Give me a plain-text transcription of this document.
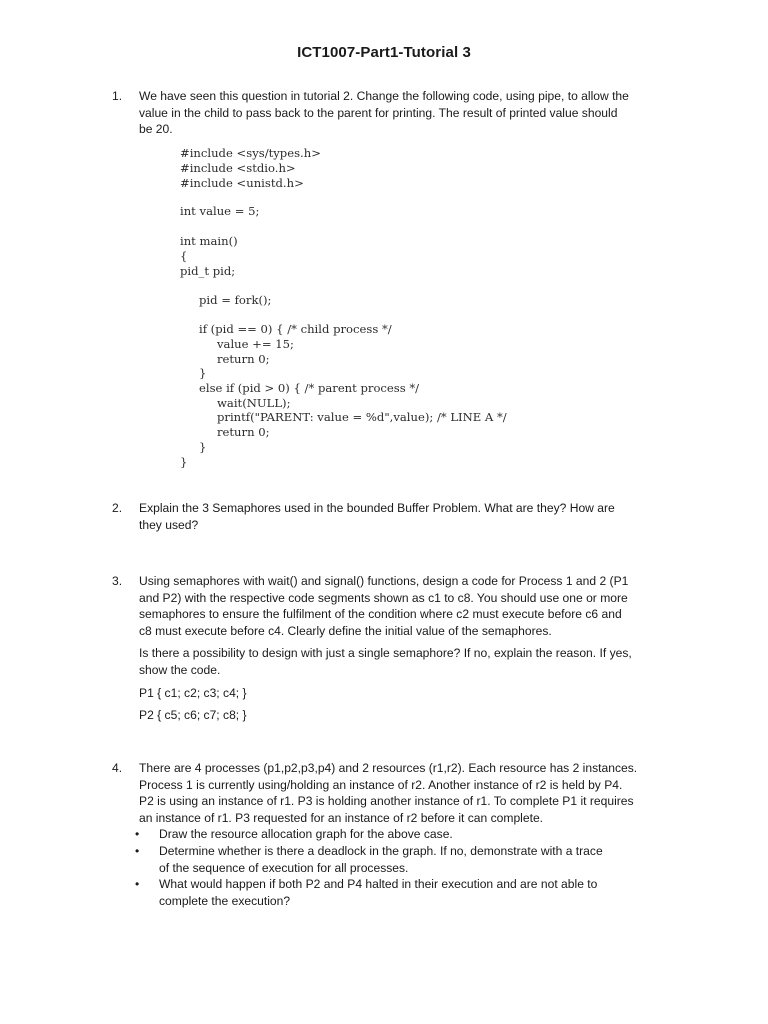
ICT1007-Part1-Tutorial 3
1. We have seen this question in tutorial 2. Change the following code, using pipe, to allow the

value in the child to pass back to the parent for printing. The result of printed value should

be 20.

#include <sys/types.h>
#include <stdio.h>
#include <unistd.h>
int value = 5;
int main()
{
pid_t pid;
pid = fork();
if (pid == 0) { /* child process */
value += 15;
return 0;
}
else if (pid > 0) { /* parent process */
wait(NULL);
printf("PARENT: value = %d",value); /* LINE A */
return 0;
}
}
2. Explain the 3 Semaphores used in the bounded Buffer Problem. What are they? How are

they used?

3. Using semaphores with wait() and signal() functions, design a code for Process 1 and 2 (P1

and P2) with the respective code segments shown as c1 to c8. You should use one or more

semaphores to ensure the fulfilment of the condition where c2 must execute before c6 and

c8 must execute before c4. Clearly define the initial value of the semaphores.

Is there a possibility to design with just a single semaphore? If no, explain the reason. If yes,

show the code.

P1 { c1; c2; c3; c4; }

P2 { c5; c6; c7; c8; }

4. There are 4 processes (p1,p2,p3,p4) and 2 resources (r1,r2). Each resource has 2 instances.

Process 1 is currently using/holding an instance of r2. Another instance of r2 is held by P4.

P2 is using an instance of r1. P3 is holding another instance of r1. To complete P1 it requires

an instance of r1. P3 requested for an instance of r2 before it can complete.

• Draw the resource allocation graph for the above case.
• Determine whether is there a deadlock in the graph. If no, demonstrate with a trace
of the sequence of execution for all processes.
• What would happen if both P2 and P4 halted in their execution and are not able to
complete the execution?
